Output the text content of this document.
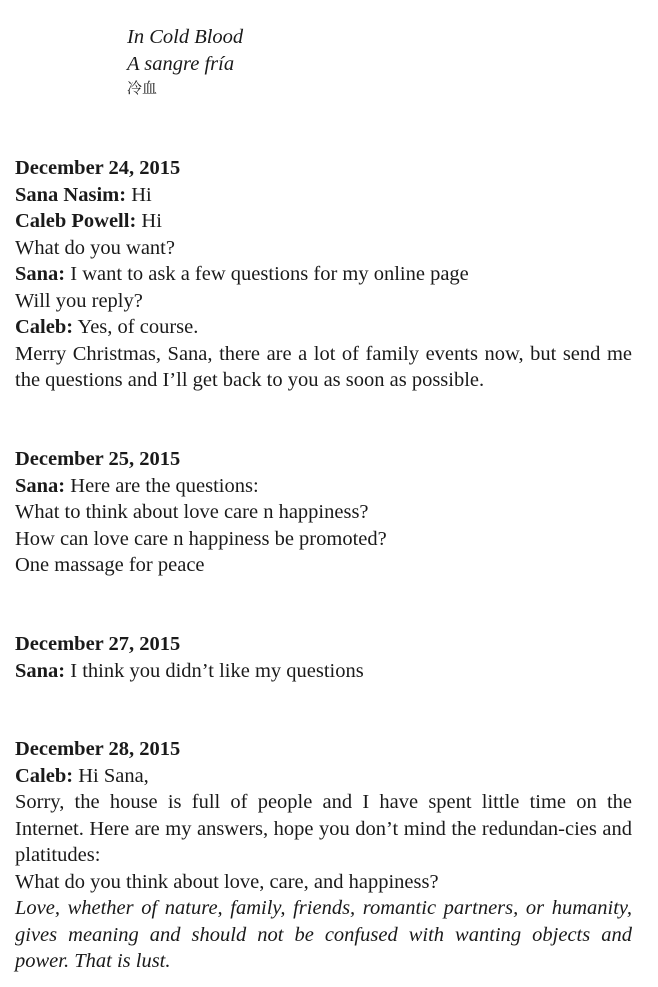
In Cold Blood
A sangre fría
冷血
December 24, 2015
Sana Nasim: Hi
Caleb Powell: Hi
What do you want?
Sana: I want to ask a few questions for my online page
Will you reply?
Caleb: Yes, of course.
Merry Christmas, Sana, there are a lot of family events now, but send me the questions and I’ll get back to you as soon as possible.
December 25, 2015
Sana: Here are the questions:
What to think about love care n happiness?
How can love care n happiness be promoted?
One massage for peace
December 27, 2015
Sana: I think you didn’t like my questions
December 28, 2015
Caleb: Hi Sana,
Sorry, the house is full of people and I have spent little time on the Internet. Here are my answers, hope you don’t mind the redundan-cies and platitudes:
What do you think about love, care, and happiness?
Love, whether of nature, family, friends, romantic partners, or humanity, gives meaning and should not be confused with wanting objects and power. That is lust.
